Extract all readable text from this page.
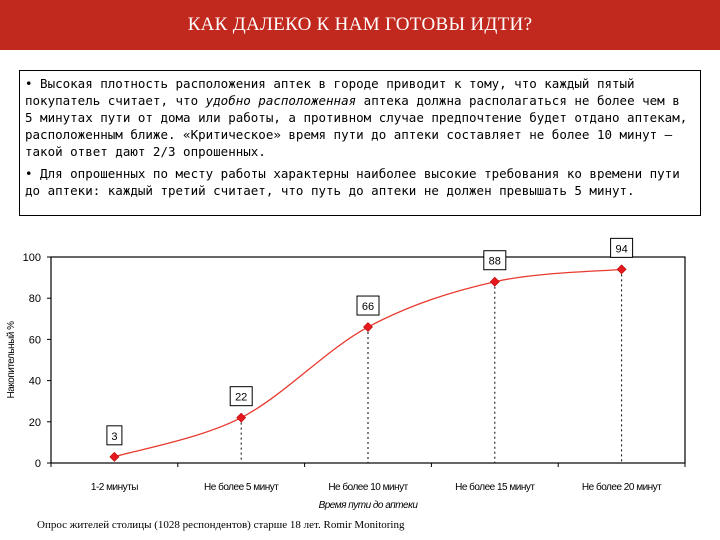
КАК ДАЛЕКО К НАМ ГОТОВЫ ИДТИ?

• Высокая плотность расположения аптек в городе приводит к тому, что каждый пятый покупатель считает, что удобно расположенная аптека должна располагаться не более чем в 5 минутах пути от дома или работы, а противном случае предпочтение будет отдано аптекам, расположенным ближе. «Критическое» время пути до аптеки составляет не более 10 минут – такой ответ дают 2/3 опрошенных.

• Для опрошенных по месту работы характерны наиболее высокие требования ко времени пути до аптеки: каждый третий считает, что путь до аптеки не должен превышать 5 минут.

0
20
40
60
80
100
1-2 минуты	Не более 5 минут	Не более 10 минут	Не более 15 минут	Не более 20 минут
Время пути до аптеки
Накопительный %
3
22
66
88
94
Опрос жителей столицы (1028 респондентов) старше 18 лет. Romir Monitoring
